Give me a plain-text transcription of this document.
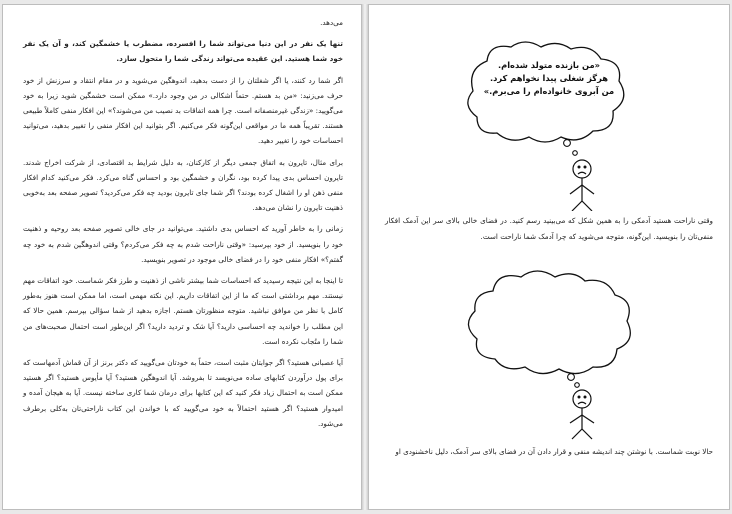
می‌دهد.

تنها یک نفر در این دنیا می‌تواند شما را افسرده، مضطرب یا خشمگین کند، و آن یک نفر خود شما هستید. این عقیده می‌تواند زندگی شما را متحول سازد.

اگر شما رد کنند، یا اگر شغلتان را از دست بدهید، اندوهگین می‌شوید و در مقام انتقاد و سرزنش از خود حرف می‌زنید: «من بد هستم. حتماً اشکالی در من وجود دارد.» ممکن است خشمگین شوید زیرا به خود می‌گویید: «زندگی غیرمنصفانه است. چرا همه اتفاقات بد نصیب من می‌شوند؟» این افکار منفی کاملاً طبیعی هستند. تقریباً همه ما در مواقعی این‌گونه فکر می‌کنیم. اگر بتوانید این افکار منفی را تغییر بدهید، می‌توانید احساسات خود را تغییر دهید.

برای مثال، تایرون به اتفاق جمعی دیگر از کارکنان، به دلیل شرایط بد اقتصادی، از شرکت اخراج شدند. تایرون احساس بدی پیدا کرده بود، نگران و خشمگین بود و احساس گناه می‌کرد. فکر می‌کنید کدام افکار منفی ذهن او را اشغال کرده بودند؟ اگر شما جای تایرون بودید چه فکر می‌کردید؟ تصویر صفحه بعد به‌خوبی ذهنیت تایرون را نشان می‌دهد.

زمانی را به خاطر آورید که احساس بدی داشتید. می‌توانید در جای خالی تصویر صفحه بعد روحیه و ذهنیت خود را بنویسید. از خود بپرسید: «وقتی ناراحت شدم به چه فکر می‌کردم؟ وقتی اندوهگین شدم به خود چه گفتم؟» افکار منفی خود را در فضای خالی موجود در تصویر بنویسید.

تا اینجا به این نتیجه رسیدید که احساسات شما بیشتر ناشی از ذهنیت و طرز فکر شماست. خود اتفاقات مهم نیستند. مهم برداشتی است که ما از این اتفاقات داریم. این نکته مهمی است، اما ممکن است هنوز به‌طور کامل با نظر من موافق نباشید. متوجه منظورتان هستم. اجازه بدهید از شما سؤالی بپرسم. همین حالا که این مطلب را خواندید چه احساسی دارید؟ آیا شک و تردید دارید؟ اگر این‌طور است احتمال صحبت‌های من شما را متُجاب نکرده است.

آیا عصبانی هستید؟ اگر جوابتان مثبت است، حتماً به خودتان می‌گویید که دکتر برنز از آن قماش آدمهاست که برای پول درآوردن کتابهای ساده می‌نویسد تا بفروشد. آیا اندوهگین هستید؟ آیا مأیوس هستید؟ اگر هستید ممکن است به احتمال زیاد فکر کنید که این کتابها برای درمان شما کاری ساخته نیست. آیا به هیجان آمده و امیدوار هستید؟ اگر هستید احتمالاً به خود می‌گویید که با خواندن این کتاب ناراحتی‌تان به‌کلی برطرف می‌شود.

«من بازنده متولد شده‌ام.
هرگز شغلی پیدا نخواهم کرد.
من آبروی خانواده‌ام را می‌برم.»
وقتی ناراحت هستید آدمکی را به همین شکل که می‌بینید رسم کنید. در فضای خالی بالای سر این آدمک افکار منفی‌تان را بنویسید. این‌گونه، متوجه می‌شوید که چرا آدمک شما ناراحت است.
حالا نوبت شماست. با نوشتن چند اندیشه منفی و قرار دادن آن در فضای بالای سر آدمک، دلیل ناخشنودی او
